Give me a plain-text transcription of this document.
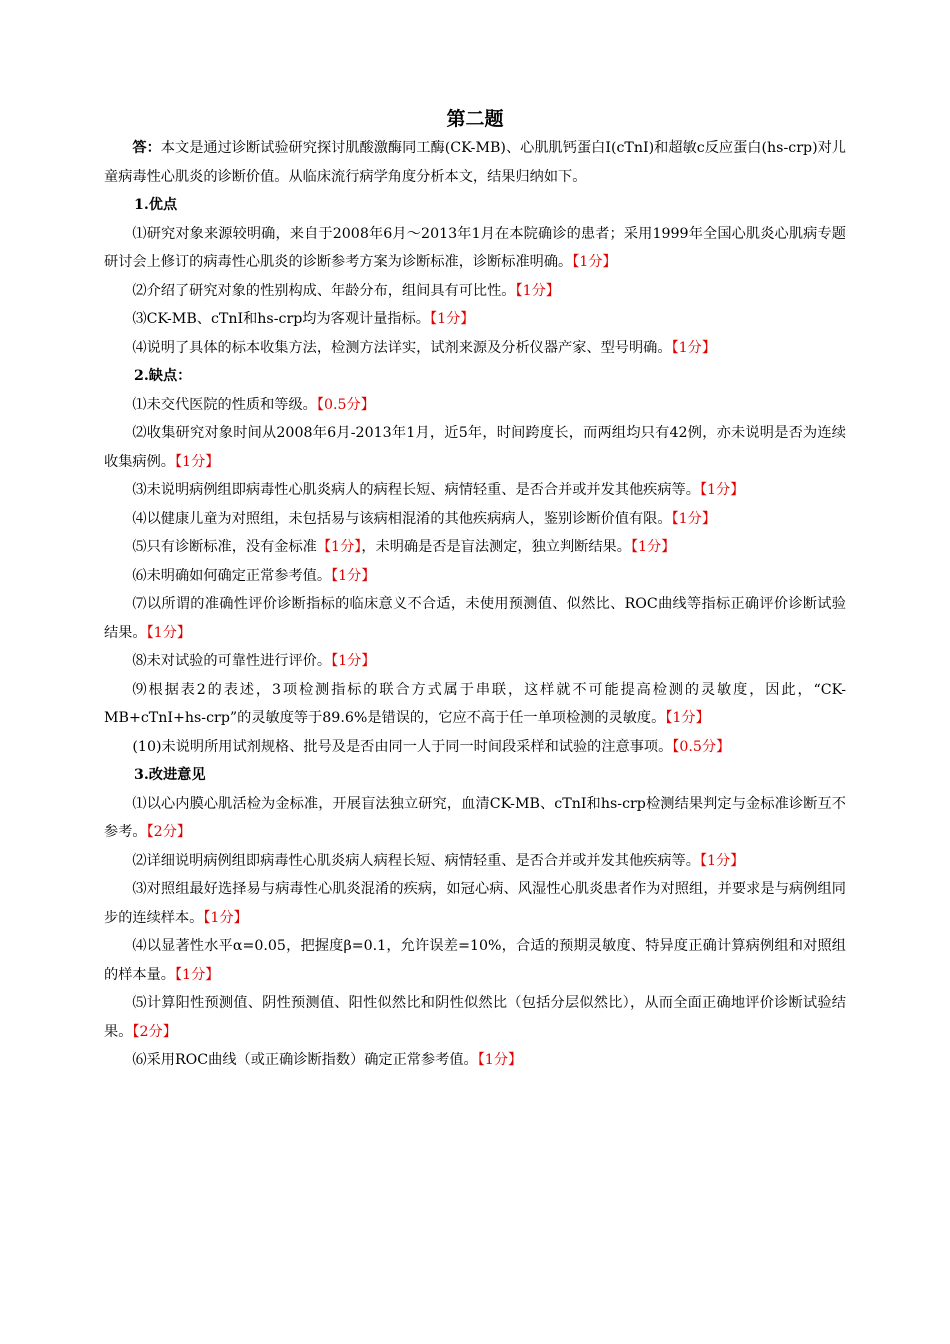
第二题

答：本文是通过诊断试验研究探讨肌酸激酶同工酶(CK-MB)、心肌肌钙蛋白Ⅰ(cTnI)和超敏c反应蛋白(hs-crp)对儿童病毒性心肌炎的诊断价值。从临床流行病学角度分析本文，结果归纳如下。

1.优点

⑴研究对象来源较明确，来自于2008年6月～2013年1月在本院确诊的患者；采用1999年全国心肌炎心肌病专题研讨会上修订的病毒性心肌炎的诊断参考方案为诊断标准，诊断标准明确。【1分】

⑵介绍了研究对象的性别构成、年龄分布，组间具有可比性。【1分】

⑶CK-MB、cTnI和hs-crp均为客观计量指标。【1分】

⑷说明了具体的标本收集方法，检测方法详实，试剂来源及分析仪器产家、型号明确。【1分】

2.缺点：

⑴未交代医院的性质和等级。【0.5分】

⑵收集研究对象时间从2008年6月-2013年1月，近5年，时间跨度长，而两组均只有42例，亦未说明是否为连续收集病例。【1分】

⑶未说明病例组即病毒性心肌炎病人的病程长短、病情轻重、是否合并或并发其他疾病等。【1分】

⑷以健康儿童为对照组，未包括易与该病相混淆的其他疾病病人，鉴别诊断价值有限。【1分】

⑸只有诊断标准，没有金标准【1分】，未明确是否是盲法测定，独立判断结果。【1分】

⑹未明确如何确定正常参考值。【1分】

⑺以所谓的准确性评价诊断指标的临床意义不合适，未使用预测值、似然比、ROC曲线等指标正确评价诊断试验结果。【1分】

⑻未对试验的可靠性进行评价。【1分】

⑼根据表2的表述，3项检测指标的联合方式属于串联，这样就不可能提高检测的灵敏度，因此，“CK-MB+cTnI+hs-crp”的灵敏度等于89.6%是错误的，它应不高于任一单项检测的灵敏度。【1分】

(10)未说明所用试剂规格、批号及是否由同一人于同一时间段采样和试验的注意事项。【0.5分】

3.改进意见

⑴以心内膜心肌活检为金标准，开展盲法独立研究，血清CK-MB、cTnI和hs-crp检测结果判定与金标准诊断互不参考。【2分】

⑵详细说明病例组即病毒性心肌炎病人病程长短、病情轻重、是否合并或并发其他疾病等。【1分】

⑶对照组最好选择易与病毒性心肌炎混淆的疾病，如冠心病、风湿性心肌炎患者作为对照组，并要求是与病例组同步的连续样本。【1分】

⑷以显著性水平α=0.05，把握度β=0.1，允许误差=10%，合适的预期灵敏度、特异度正确计算病例组和对照组的样本量。【1分】

⑸计算阳性预测值、阴性预测值、阳性似然比和阴性似然比（包括分层似然比），从而全面正确地评价诊断试验结果。【2分】

⑹采用ROC曲线（或正确诊断指数）确定正常参考值。【1分】
